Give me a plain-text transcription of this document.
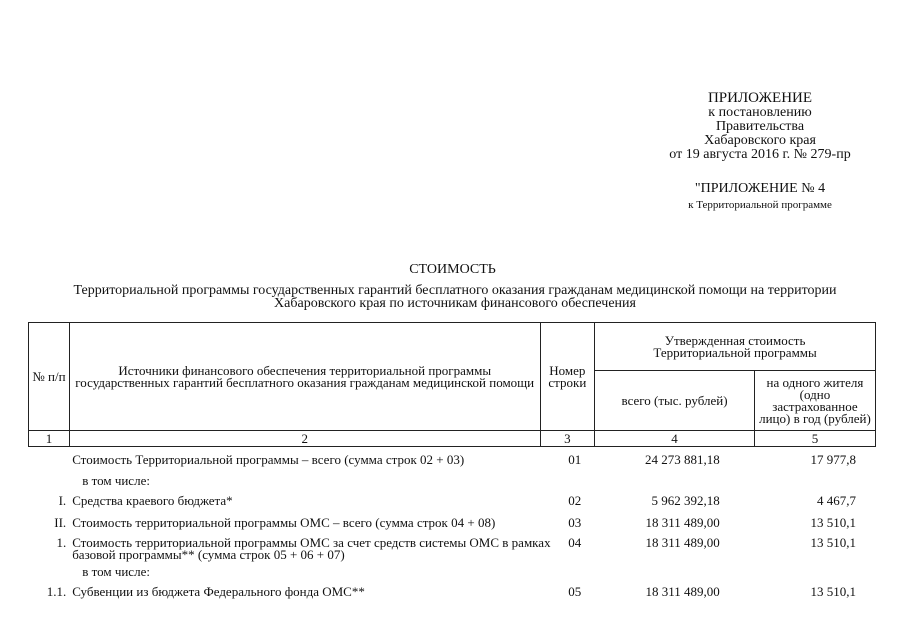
ПРИЛОЖЕНИЕ
к постановлению
Правительства
Хабаровского края
от 19 августа 2016 г. № 279-пр
"ПРИЛОЖЕНИЕ № 4
к Территориальной программе
СТОИМОСТЬ
Территориальной программы государственных гарантий бесплатного оказания гражданам медицинской помощи на территории Хабаровского края по источникам финансового обеспечения
№ п/п	Источники финансового обеспечения территориальной программы государственных гарантий бесплатного оказания гражданам медицинской помощи	Номер строки	Утвержденная стоимость Территориальной программы	
			всего (тыс. рублей)	на одного жителя (одно застрахованное лицо) в год (рублей)
1	2	3	4	5
	Стоимость Территориальной программы – всего (сумма строк 02 + 03)	01	24 273 881,18	17 977,8
	в том числе:			
I.	Средства краевого бюджета*	02	5 962 392,18	4 467,7
II.	Стоимость территориальной программы ОМС – всего (сумма строк 04 + 08)	03	18 311 489,00	13 510,1
1.	Стоимость территориальной программы ОМС за счет средств системы ОМС в рамках базовой программы** (сумма строк 05 + 06 + 07)	04	18 311 489,00	13 510,1
	в том числе:			
1.1.	Субвенции из бюджета Федерального фонда ОМС**	05	18 311 489,00	13 510,1
